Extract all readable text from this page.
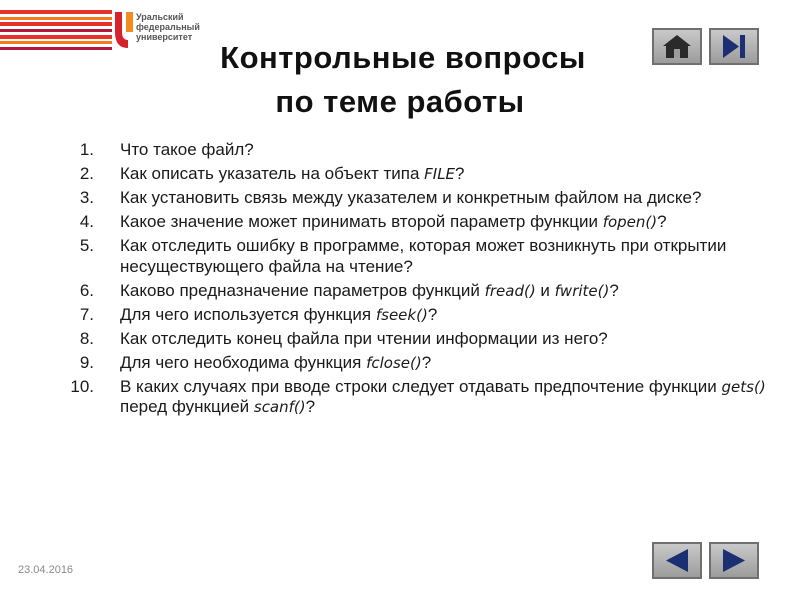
Уральский
федеральный
университет
Контрольные вопросы
по теме работы
1. Что такое файл?
2. Как описать указатель на объект типа FILE?
3. Как установить связь между указателем и конкретным файлом на диске?
4. Какое значение может принимать второй параметр функции fopen()?
5. Как отследить ошибку в программе, которая может возникнуть при открытии несуществующего файла на чтение?
6. Каково предназначение параметров функций fread() и fwrite()?
7. Для чего используется функция fseek()?
8. Как отследить конец файла при чтении информации из него?
9. Для чего необходима функция fclose()?
10. В каких случаях при вводе строки следует отдавать предпочтение функции gets() перед функцией scanf()?
23.04.2016
